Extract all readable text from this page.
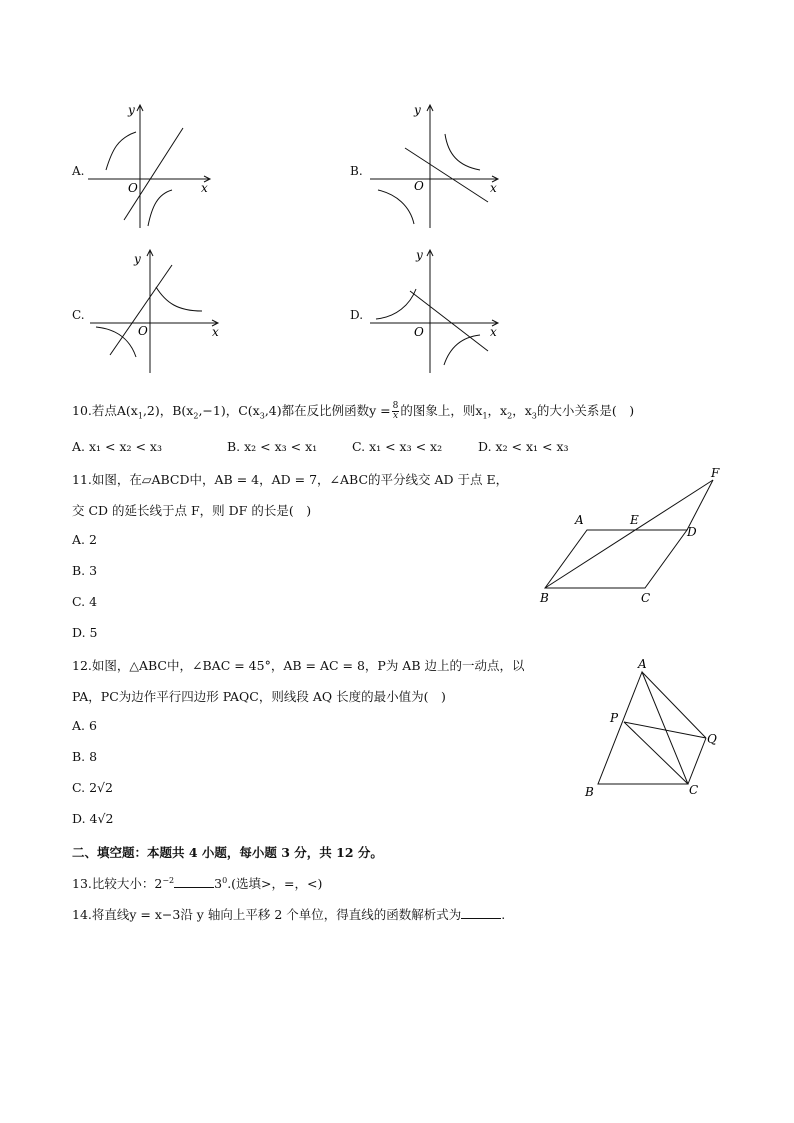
A.
O	x
y
B.
O	x
y
C.
O	x
y
D.
O	x
y
10.若点$A(x_1,2)$，$B(x_2,-1)$，$C(x_3,4)$都在反比例函数$y = \frac{8}{x}$ 的图象上，则$x_1$，$x_2$，$x_3$的大小关系是(　)
A. x₁ < x₂ < x₃	B. x₂ < x₃ < x₁	C. x₁ < x₃ < x₂	D. x₂ < x₁ < x₃
11.如图，在▱ABCD中，AB = 4，AD = 7，∠ABC的平分线交 AD 于点 E，
交 CD 的延长线于点 F，则 DF 的长是(　)
A. 2
B. 3
C. 4
D. 5
A	E
D
F
B	C
12.如图，△ABC中，∠BAC = 45°，AB = AC = 8，P为 AB 边上的一动点，以
PA，PC为边作平行四边形 PAQC，则线段 AQ 长度的最小值为(　)
A. 6
B. 8
C. 2√2
D. 4√2
A
P
Q
B	C
二、填空题：本题共 4 小题，每小题 3 分，共 12 分。
13.比较大小：$2^{-2}$	$3^0$.(选填>，=，<)
14.将直线y = x−3沿 y 轴向上平移 2 个单位，得直线的函数解析式为	.
